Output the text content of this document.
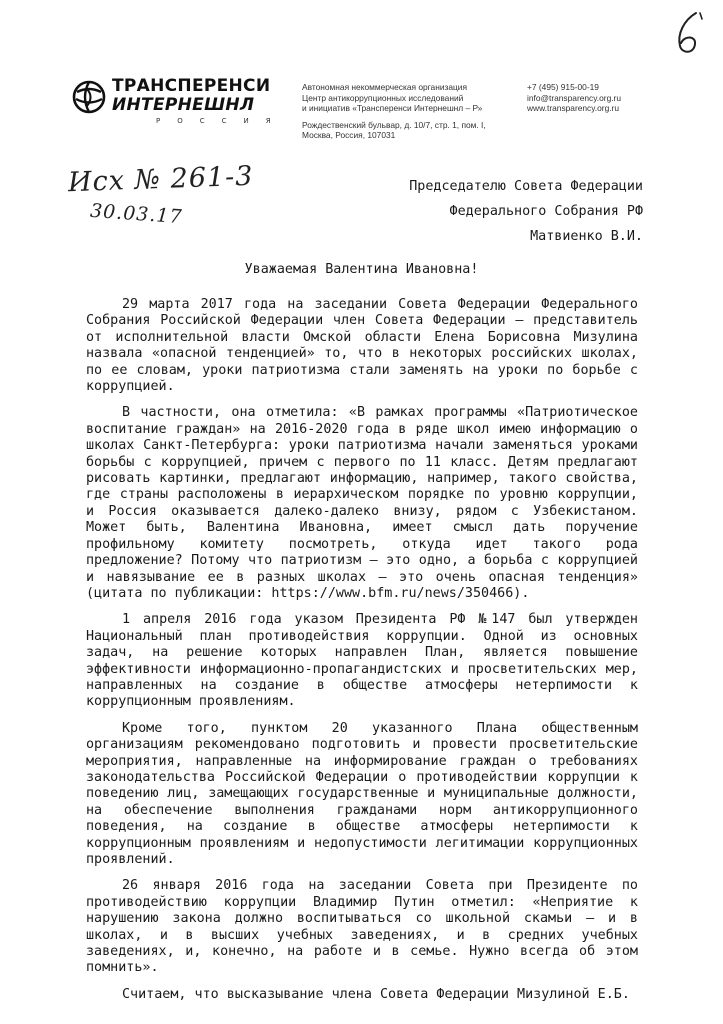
ТРАНСПЕРЕНСИ
ИНТЕРНЕШНЛ
РОССИЯ
Автономная некоммерческая организация
Центр антикоррупционных исследований
и инициатив «Трансперенси Интернешнл – Р»
Рождественский бульвар, д. 10/7, стр. 1, пом. I,
Москва, Россия, 107031
+7 (495) 915-00-19
info@transparency.org.ru
www.transparency.org.ru
Исх № 261-3
30.03.17
Председателю Совета Федерации
Федерального Собрания РФ
Матвиенко В.И.
Уважаемая Валентина Ивановна!

29 марта 2017 года на заседании Совета Федерации Федерального Собрания Российской Федерации член Совета Федерации — представитель от исполнительной власти Омской области Елена Борисовна Мизулина назвала «опасной тенденцией» то, что в некоторых российских школах, по ее словам, уроки патриотизма стали заменять на уроки по борьбе с коррупцией.

В частности, она отметила: «В рамках программы «Патриотическое воспитание граждан» на 2016-2020 года в ряде школ имею информацию о школах Санкт-Петербурга: уроки патриотизма начали заменяться уроками борьбы с коррупцией, причем с первого по 11 класс. Детям предлагают рисовать картинки, предлагают информацию, например, такого свойства, где страны расположены в иерархическом порядке по уровню коррупции, и Россия оказывается далеко-далеко внизу, рядом с Узбекистаном. Может быть, Валентина Ивановна, имеет смысл дать поручение профильному комитету посмотреть, откуда идет такого рода предложение? Потому что патриотизм — это одно, а борьба с коррупцией и навязывание ее в разных школах — это очень опасная тенденция» (цитата по публикации: https://www.bfm.ru/news/350466).

1 апреля 2016 года указом Президента РФ №147 был утвержден Национальный план противодействия коррупции. Одной из основных задач, на решение которых направлен План, является повышение эффективности информационно-пропагандистских и просветительских мер, направленных на создание в обществе атмосферы нетерпимости к коррупционным проявлениям.

Кроме того, пунктом 20 указанного Плана общественным организациям рекомендовано подготовить и провести просветительские мероприятия, направленные на информирование граждан о требованиях законодательства Российской Федерации о противодействии коррупции к поведению лиц, замещающих государственные и муниципальные должности, на обеспечение выполнения гражданами норм антикоррупционного поведения, на создание в обществе атмосферы нетерпимости к коррупционным проявлениям и недопустимости легитимации коррупционных проявлений.

26 января 2016 года на заседании Совета при Президенте по противодействию коррупции Владимир Путин отметил: «Неприятие к нарушению закона должно воспитываться со школьной скамьи — и в школах, и в высших учебных заведениях, и в средних учебных заведениях, и, конечно, на работе и в семье. Нужно всегда об этом помнить».

Считаем, что высказывание члена Совета Федерации Мизулиной Е.Б.
